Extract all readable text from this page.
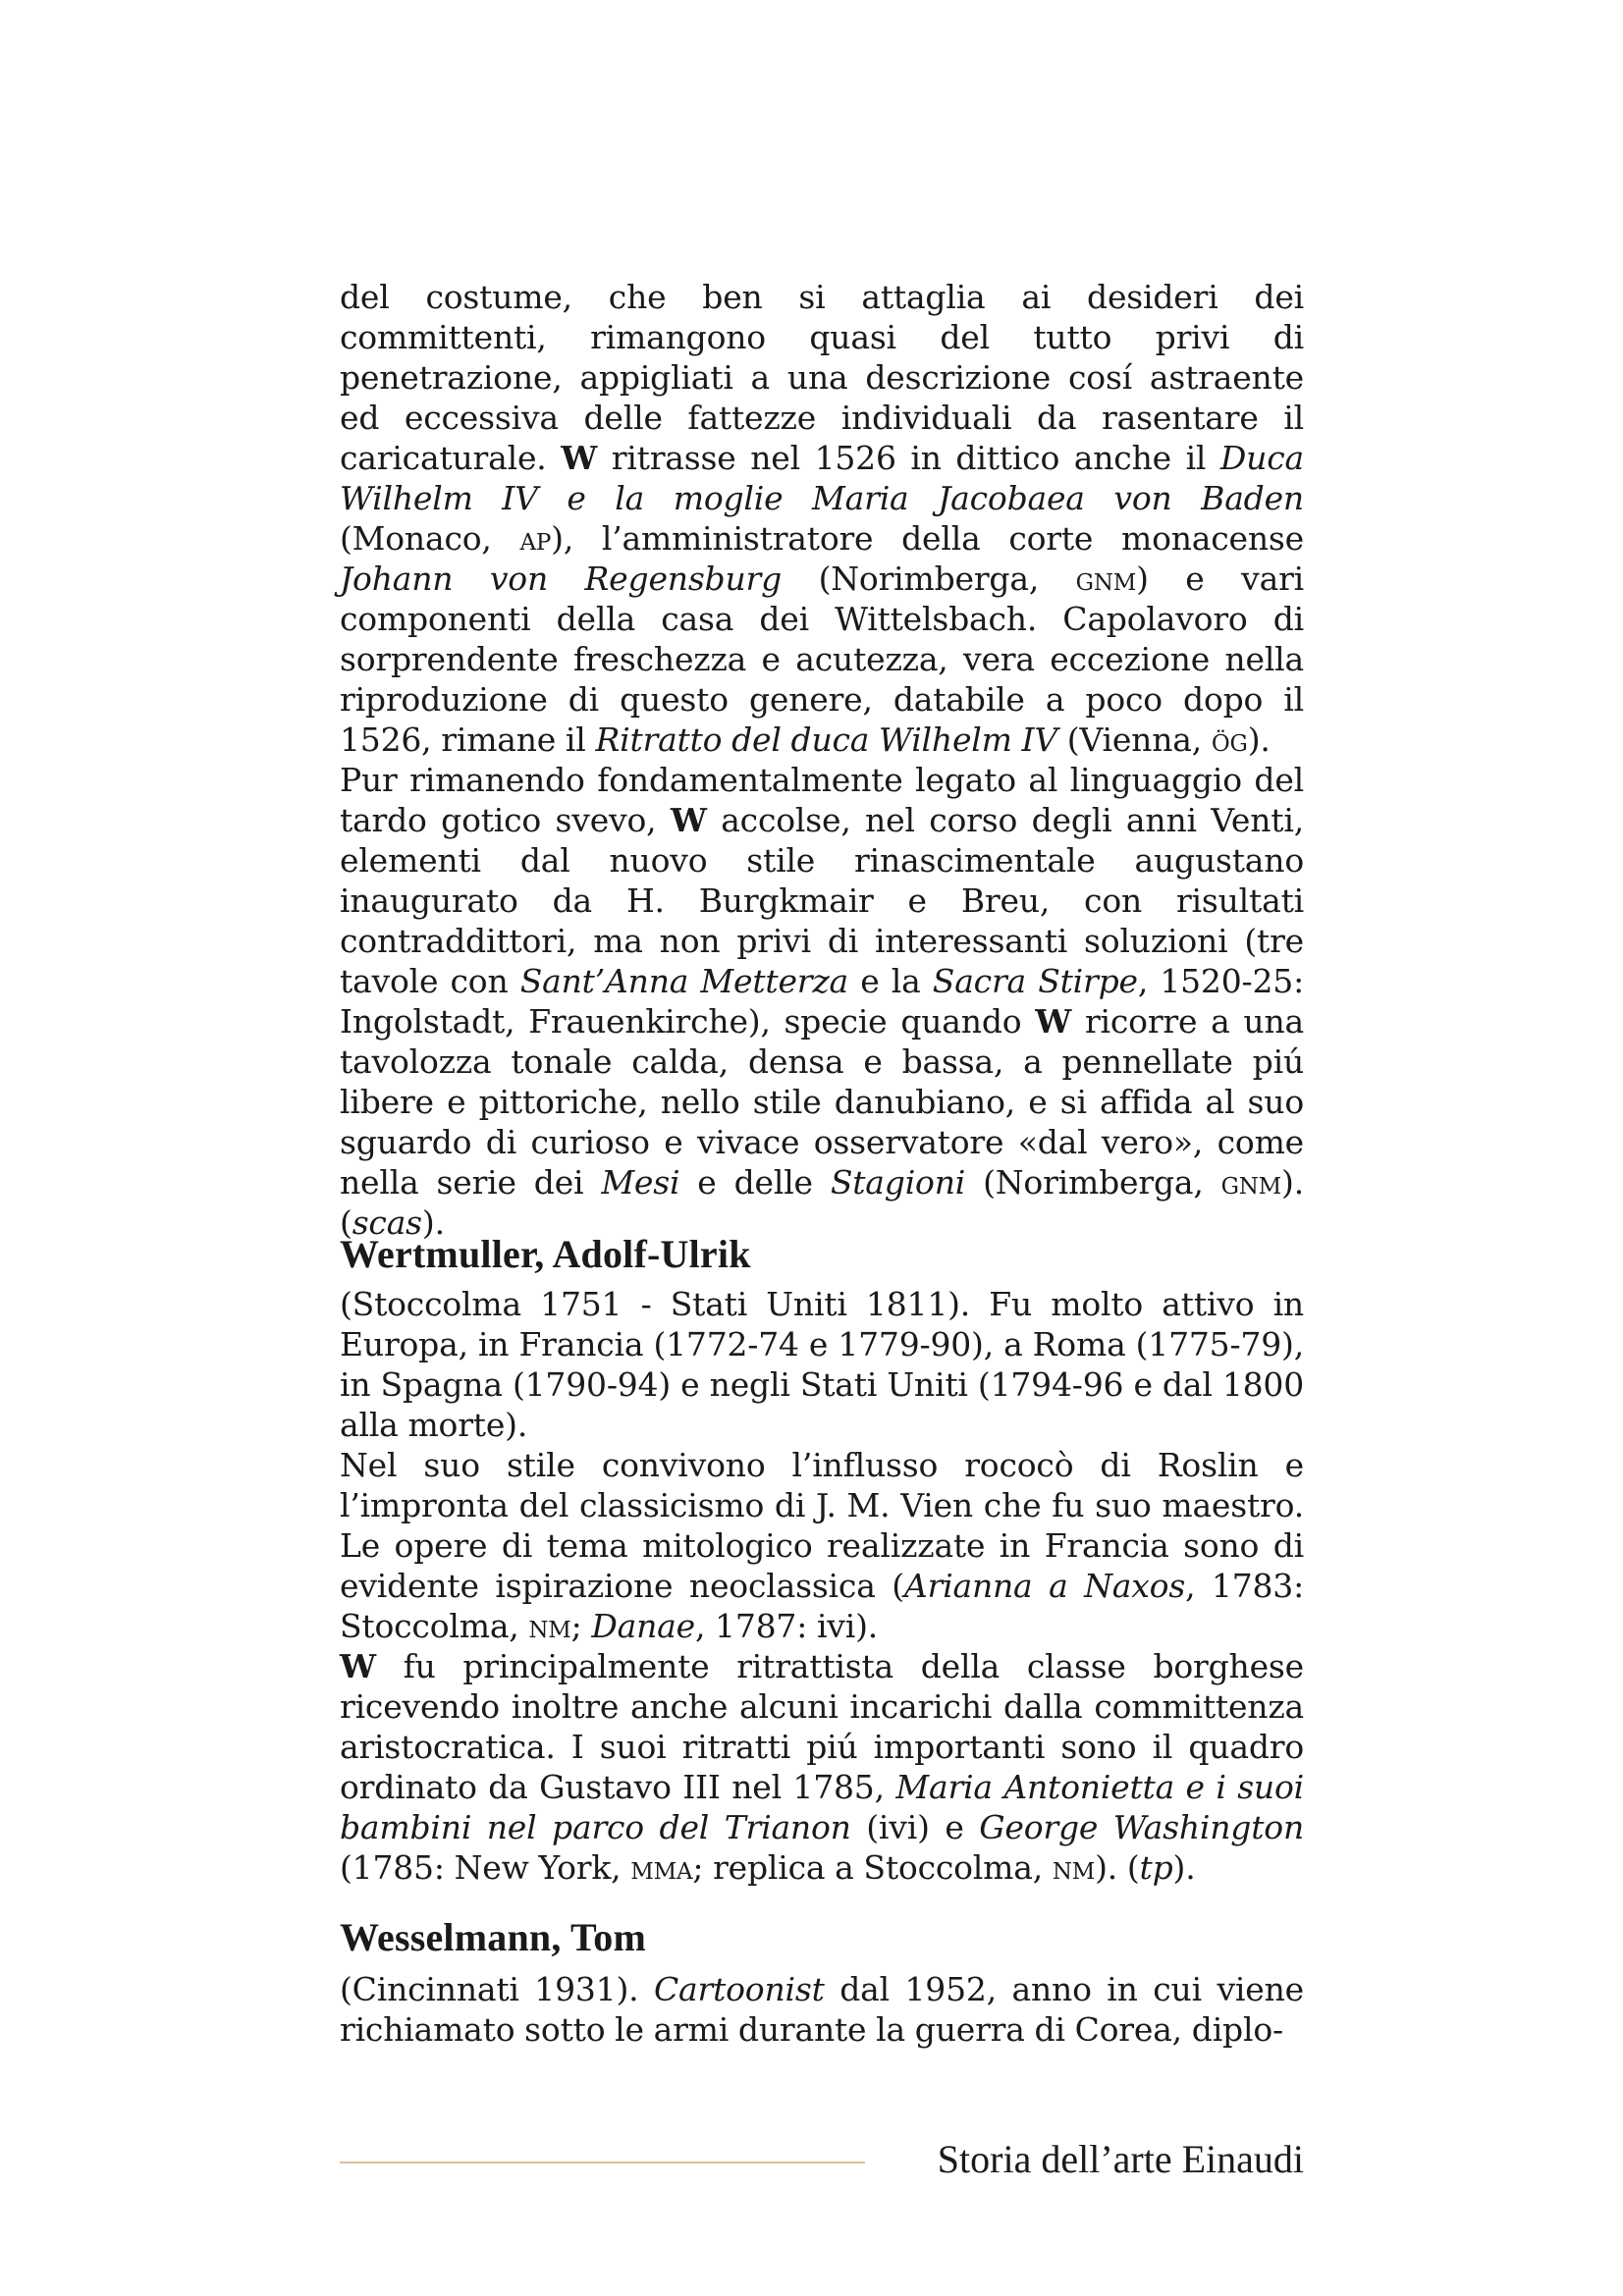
del costume, che ben si attaglia ai desideri dei committenti, rimangono quasi del tutto privi di penetrazione, appigliati a una descrizione cosí astraente ed eccessiva delle fattezze individuali da rasentare il caricaturale. W ritrasse nel 1526 in dittico anche il Duca Wilhelm IV e la moglie Maria Jacobaea von Baden (Monaco, ap), l’amministratore della corte monacense Johann von Regensburg (Norimberga, gnm) e vari componenti della casa dei Wittelsbach. Capolavoro di sorprendente freschezza e acutezza, vera eccezione nella riproduzione di questo genere, databile a poco dopo il 1526, rimane il Ritratto del duca Wilhelm IV (Vienna, ög).

Pur rimanendo fondamentalmente legato al linguaggio del tardo gotico svevo, W accolse, nel corso degli anni Venti, elementi dal nuovo stile rinascimentale augustano inaugurato da H. Burgkmair e Breu, con risultati contraddittori, ma non privi di interessanti soluzioni (tre tavole con Sant’Anna Metterza e la Sacra Stirpe, 1520-25: Ingolstadt, Frauenkirche), specie quando W ricorre a una tavolozza tonale calda, densa e bassa, a pennellate piú libere e pittoriche, nello stile danubiano, e si affida al suo sguardo di curioso e vivace osservatore «dal vero», come nella serie dei Mesi e delle Stagioni (Norimberga, gnm). (scas).

Wertmuller, Adolf-Ulrik

(Stoccolma 1751 - Stati Uniti 1811). Fu molto attivo in Europa, in Francia (1772-74 e 1779-90), a Roma (1775-79), in Spagna (1790-94) e negli Stati Uniti (1794-96 e dal 1800 alla morte).

Nel suo stile convivono l’influsso rococò di Roslin e l’impronta del classicismo di J. M. Vien che fu suo maestro. Le opere di tema mitologico realizzate in Francia sono di evidente ispirazione neoclassica (Arianna a Naxos, 1783: Stoccolma, nm; Danae, 1787: ivi).

W fu principalmente ritrattista della classe borghese ricevendo inoltre anche alcuni incarichi dalla committenza aristocratica. I suoi ritratti piú importanti sono il quadro ordinato da Gustavo III nel 1785, Maria Antonietta e i suoi bambini nel parco del Trianon (ivi) e George Washington (1785: New York, mma; replica a Stoccolma, nm). (tp).

Wesselmann, Tom

(Cincinnati 1931). Cartoonist dal 1952, anno in cui viene richiamato sotto le armi durante la guerra di Corea, diplo-

Storia dell’arte Einaudi
